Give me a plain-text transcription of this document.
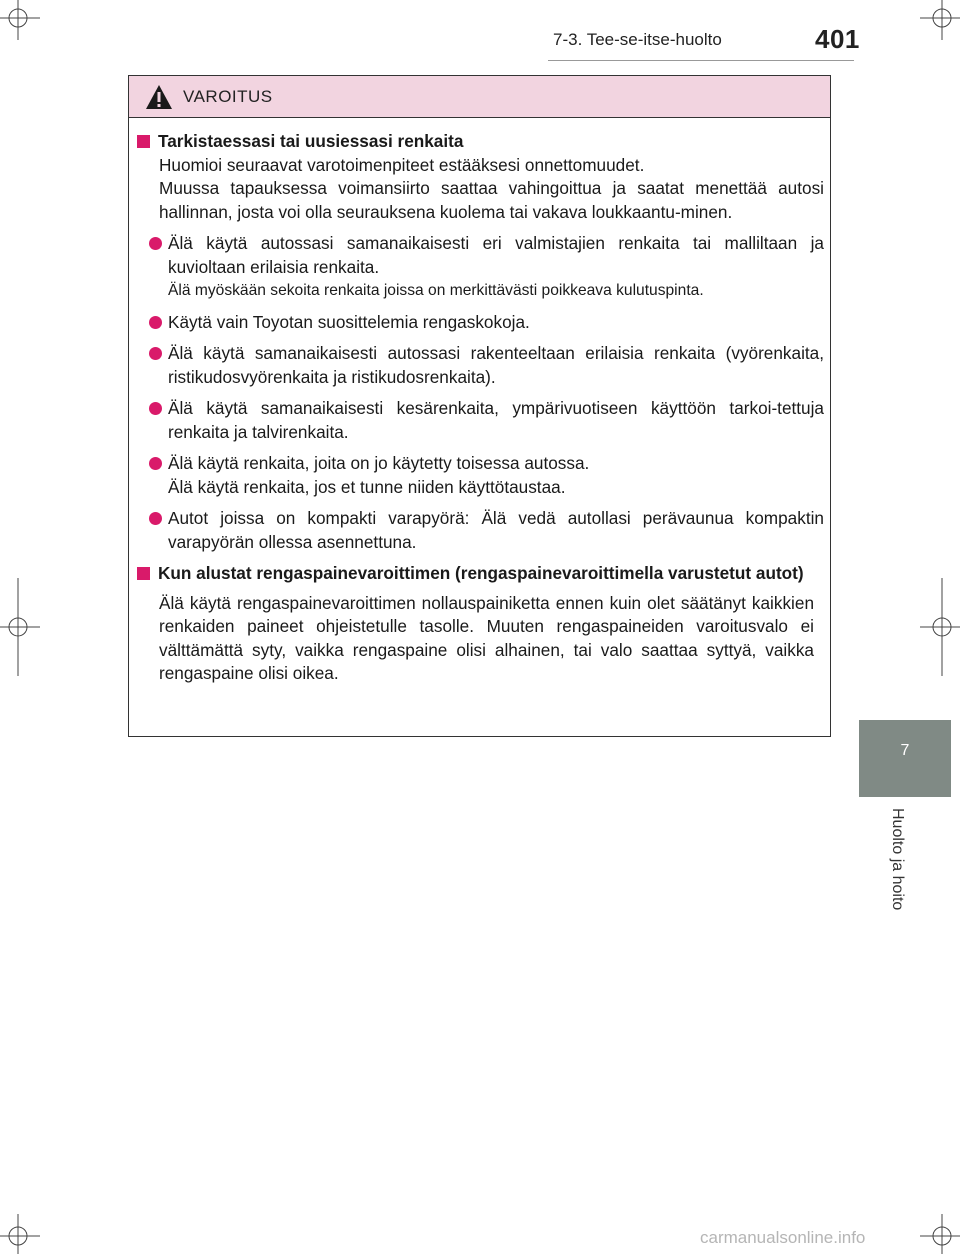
7-3. Tee-se-itse-huolto	401
7
Huolto ja hoito
VAROITUS
Tarkistaessasi tai uusiessasi renkaita
Huomioi seuraavat varotoimenpiteet estääksesi onnettomuudet.
Muussa tapauksessa voimansiirto saattaa vahingoittua ja saatat menettää autosi hallinnan, josta voi olla seurauksena kuolema tai vakava loukkaantu-minen.
Älä käytä autossasi samanaikaisesti eri valmistajien renkaita tai malliltaan ja kuvioltaan erilaisia renkaita.
Älä myöskään sekoita renkaita joissa on merkittävästi poikkeava kulutuspinta.
Käytä vain Toyotan suosittelemia rengaskokoja.
Älä käytä samanaikaisesti autossasi rakenteeltaan erilaisia renkaita (vyörenkaita, ristikudosvyörenkaita ja ristikudosrenkaita).
Älä käytä samanaikaisesti kesärenkaita, ympärivuotiseen käyttöön tarkoi-tettuja renkaita ja talvirenkaita.
Älä käytä renkaita, joita on jo käytetty toisessa autossa.
Älä käytä renkaita, jos et tunne niiden käyttötaustaa.
Autot joissa on kompakti varapyörä: Älä vedä autollasi perävaunua kompaktin varapyörän ollessa asennettuna.
Kun alustat rengaspainevaroittimen (rengaspainevaroittimella varustetut autot)
Älä käytä rengaspainevaroittimen nollauspainiketta ennen kuin olet säätänyt kaikkien renkaiden paineet ohjeistetulle tasolle. Muuten rengaspaineiden varoitusvalo ei välttämättä syty, vaikka rengaspaine olisi alhainen, tai valo saattaa syttyä, vaikka rengaspaine olisi oikea.
carmanualsonline.info
